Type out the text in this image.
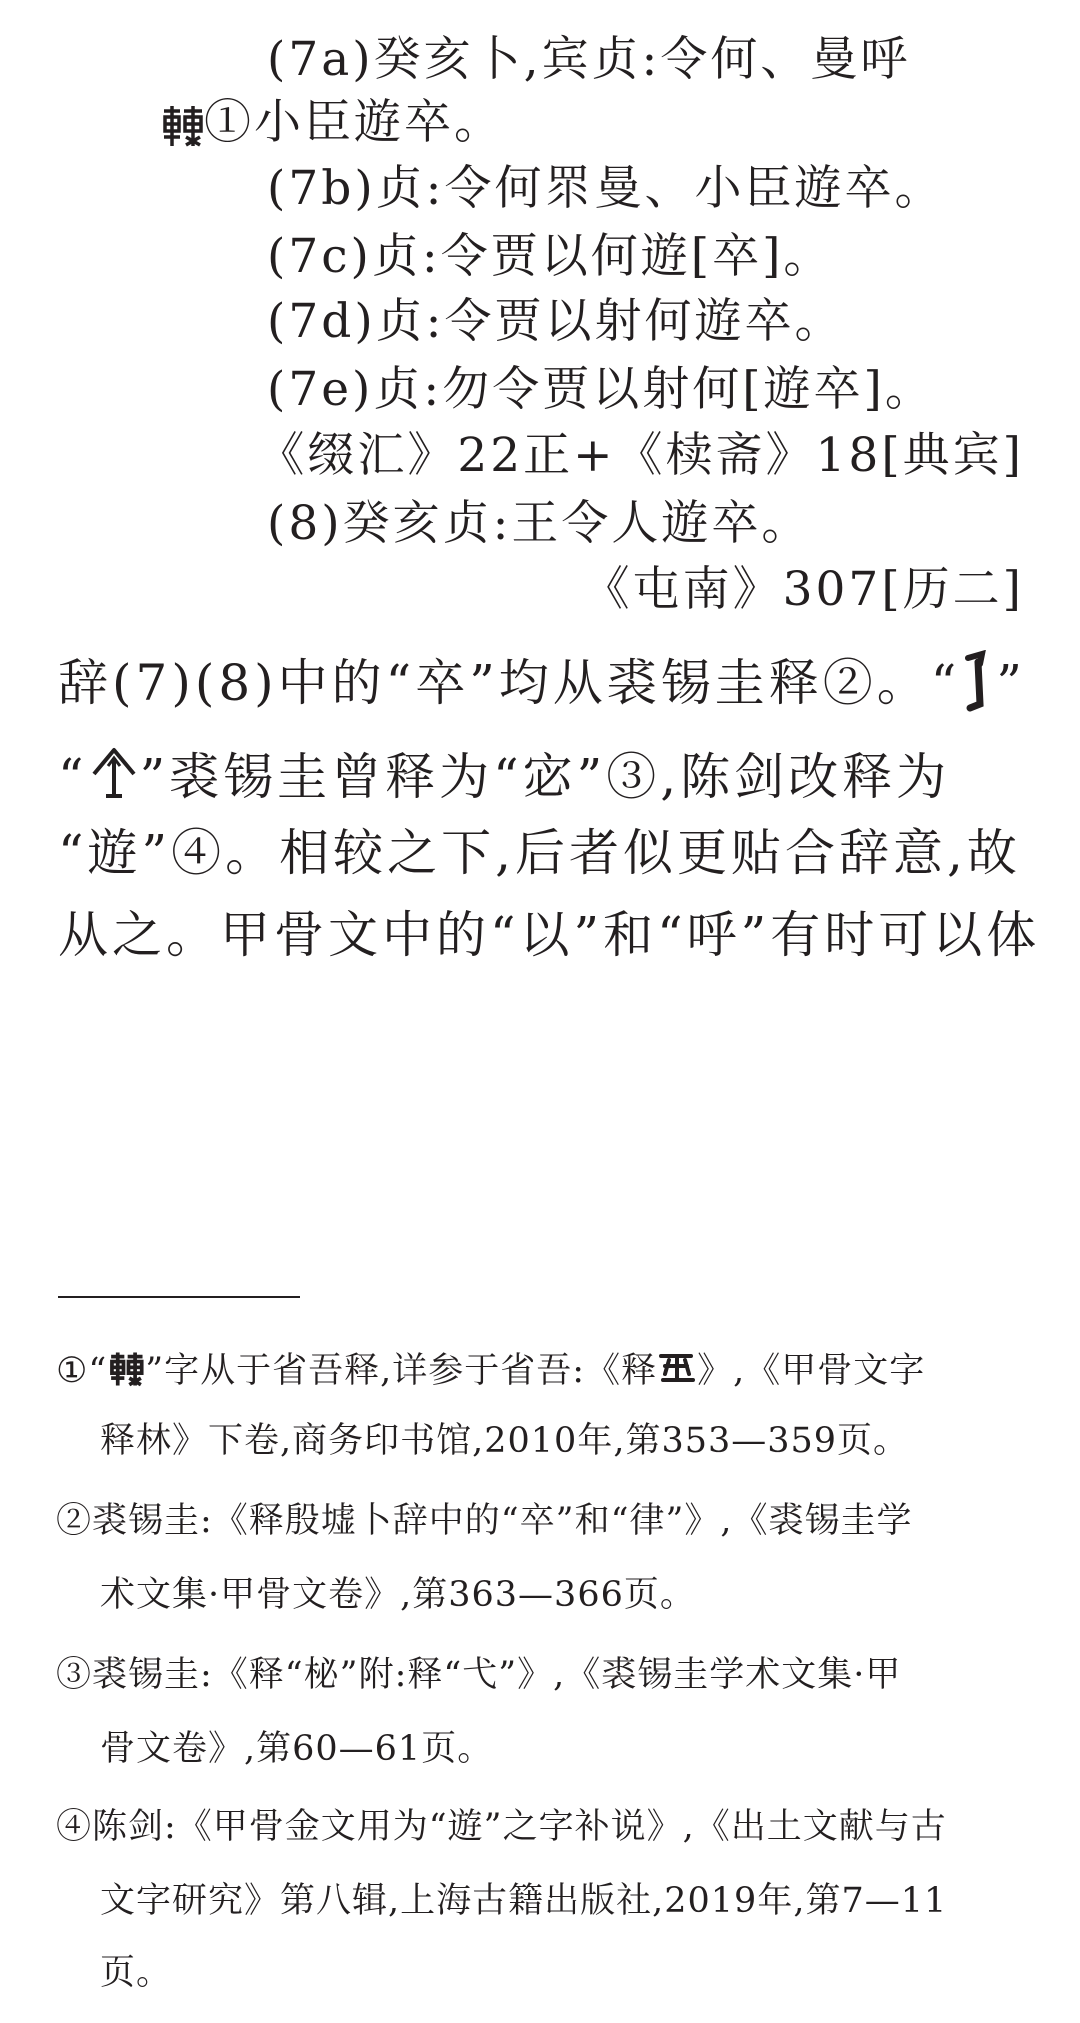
(7a)癸亥卜,宾贞:令何、曼呼
①小臣遊卒。
(7b)贞:令何眔曼、小臣遊卒。
(7c)贞:令贾以何遊[卒]。
(7d)贞:令贾以射何遊卒。
(7e)贞:勿令贾以射何[遊卒]。
《缀汇》22正+《椟斋》18[典宾]
(8)癸亥贞:王令人遊卒。
《屯南》307[历二]
辞(7)(8)中的“卒”均从裘锡圭释②。“ ”
“ ”裘锡圭曾释为“宓”③,陈剑改释为
“遊”④。相较之下,后者似更贴合辞意,故
从之。甲骨文中的“以”和“呼”有时可以体
①“ ”字从于省吾释,详参于省吾:《释 》,《甲骨文字
释林》下卷,商务印书馆,2010年,第353—359页。
②裘锡圭:《释殷墟卜辞中的“卒”和“律”》,《裘锡圭学
术文集·甲骨文卷》,第363—366页。
③裘锡圭:《释“柲”附:释“弋”》,《裘锡圭学术文集·甲
骨文卷》,第60—61页。
④陈剑:《甲骨金文用为“遊”之字补说》,《出土文献与古
文字研究》第八辑,上海古籍出版社,2019年,第7—11
页。
